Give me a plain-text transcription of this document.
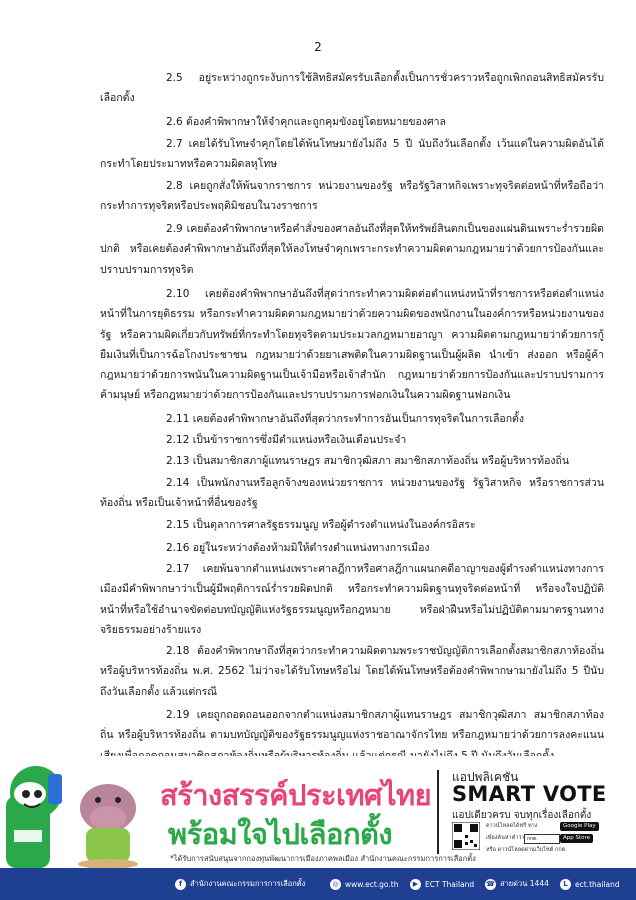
2
2.5 อยู่ระหว่างถูกระงับการใช้สิทธิสมัครรับเลือกตั้งเป็นการชั่วคราวหรือถูกเพิกถอนสิทธิสมัครรับเลือกตั้ง
2.6 ต้องคำพิพากษาให้จำคุกและถูกคุมขังอยู่โดยหมายของศาล
2.7 เคยได้รับโทษจำคุกโดยได้พ้นโทษมายังไม่ถึง 5 ปี นับถึงวันเลือกตั้ง เว้นแต่ในความผิดอันได้กระทำโดยประมาทหรือความผิดลหุโทษ
2.8 เคยถูกสั่งให้พ้นจากราชการ หน่วยงานของรัฐ หรือรัฐวิสาหกิจเพราะทุจริตต่อหน้าที่หรือถือว่ากระทำการทุจริตหรือประพฤติมิชอบในวงราชการ
2.9 เคยต้องคำพิพากษาหรือคำสั่งของศาลอันถึงที่สุดให้ทรัพย์สินตกเป็นของแผ่นดินเพราะร่ำรวยผิดปกติ หรือเคยต้องคำพิพากษาอันถึงที่สุดให้ลงโทษจำคุกเพราะกระทำความผิดตามกฎหมายว่าด้วยการป้องกันและปราบปรามการทุจริต
2.10 เคยต้องคำพิพากษาอันถึงที่สุดว่ากระทำความผิดต่อตำแหน่งหน้าที่ราชการหรือต่อตำแหน่งหน้าที่ในการยุติธรรม หรือกระทำความผิดตามกฎหมายว่าด้วยความผิดของพนักงานในองค์การหรือหน่วยงานของรัฐ หรือความผิดเกี่ยวกับทรัพย์ที่กระทำโดยทุจริตตามประมวลกฎหมายอาญา ความผิดตามกฎหมายว่าด้วยการกู้ยืมเงินที่เป็นการฉ้อโกงประชาชน กฎหมายว่าด้วยยาเสพติดในความผิดฐานเป็นผู้ผลิต นำเข้า ส่งออก หรือผู้ค้า กฎหมายว่าด้วยการพนันในความผิดฐานเป็นเจ้ามือหรือเจ้าสำนัก กฎหมายว่าด้วยการป้องกันและปราบปรามการค้ามนุษย์ หรือกฎหมายว่าด้วยการป้องกันและปราบปรามการฟอกเงินในความผิดฐานฟอกเงิน
2.11 เคยต้องคำพิพากษาอันถึงที่สุดว่ากระทำการอันเป็นการทุจริตในการเลือกตั้ง
2.12 เป็นข้าราชการซึ่งมีตำแหน่งหรือเงินเดือนประจำ
2.13 เป็นสมาชิกสภาผู้แทนราษฎร สมาชิกวุฒิสภา สมาชิกสภาท้องถิ่น หรือผู้บริหารท้องถิ่น
2.14 เป็นพนักงานหรือลูกจ้างของหน่วยราชการ หน่วยงานของรัฐ รัฐวิสาหกิจ หรือราชการส่วนท้องถิ่น หรือเป็นเจ้าหน้าที่อื่นของรัฐ
2.15 เป็นตุลาการศาลรัฐธรรมนูญ หรือผู้ดำรงตำแหน่งในองค์กรอิสระ
2.16 อยู่ในระหว่างต้องห้ามมิให้ดำรงตำแหน่งทางการเมือง
2.17 เคยพ้นจากตำแหน่งเพราะศาลฎีกาหรือศาลฎีกาแผนกคดีอาญาของผู้ดำรงตำแหน่งทางการเมืองมีคำพิพากษาว่าเป็นผู้มีพฤติการณ์ร่ำรวยผิดปกติ หรือกระทำความผิดฐานทุจริตต่อหน้าที่ หรือจงใจปฏิบัติหน้าที่หรือใช้อำนาจขัดต่อบทบัญญัติแห่งรัฐธรรมนูญหรือกฎหมาย หรือฝ่าฝืนหรือไม่ปฏิบัติตามมาตรฐานทางจริยธรรมอย่างร้ายแรง
2.18 ต้องคำพิพากษาถึงที่สุดว่ากระทำความผิดตามพระราชบัญญัติการเลือกตั้งสมาชิกสภาท้องถิ่นหรือผู้บริหารท้องถิ่น พ.ศ. 2562 ไม่ว่าจะได้รับโทษหรือไม่ โดยได้พ้นโทษหรือต้องคำพิพากษามายังไม่ถึง 5 ปีนับถึงวันเลือกตั้ง แล้วแต่กรณี
2.19 เคยถูกถอดถอนออกจากตำแหน่งสมาชิกสภาผู้แทนราษฎร สมาชิกวุฒิสภา สมาชิกสภาท้องถิ่น หรือผู้บริหารท้องถิ่น ตามบทบัญญัติของรัฐธรรมนูญแห่งราชอาณาจักรไทย หรือกฎหมายว่าด้วยการลงคะแนน
สร้างสรรค์ประเทศไทย
พร้อมใจไปเลือกตั้ง
*ได้รับการสนับสนุนจากกองทุนพัฒนาการเมืองภาคพลเมือง สำนักงานคณะกรรมการการเลือกตั้ง
แอปพลิเคชัน
SMART VOTE
แอปเดียวครบ จบทุกเรื่องเลือกตั้ง
ดาวน์โหลดได้ฟรี ทาง	Google Play
เพียงค้นหาคำว่า กกต.	App Store
หรือ ดาวน์โหลดผ่านเว็บไซต์ กกต.
f	สำนักงานคณะกรรมการการเลือกตั้ง	◎ www.ect.go.th	▶ ECT Thailand ☎ สายด่วน 1444	L ect.thailand
